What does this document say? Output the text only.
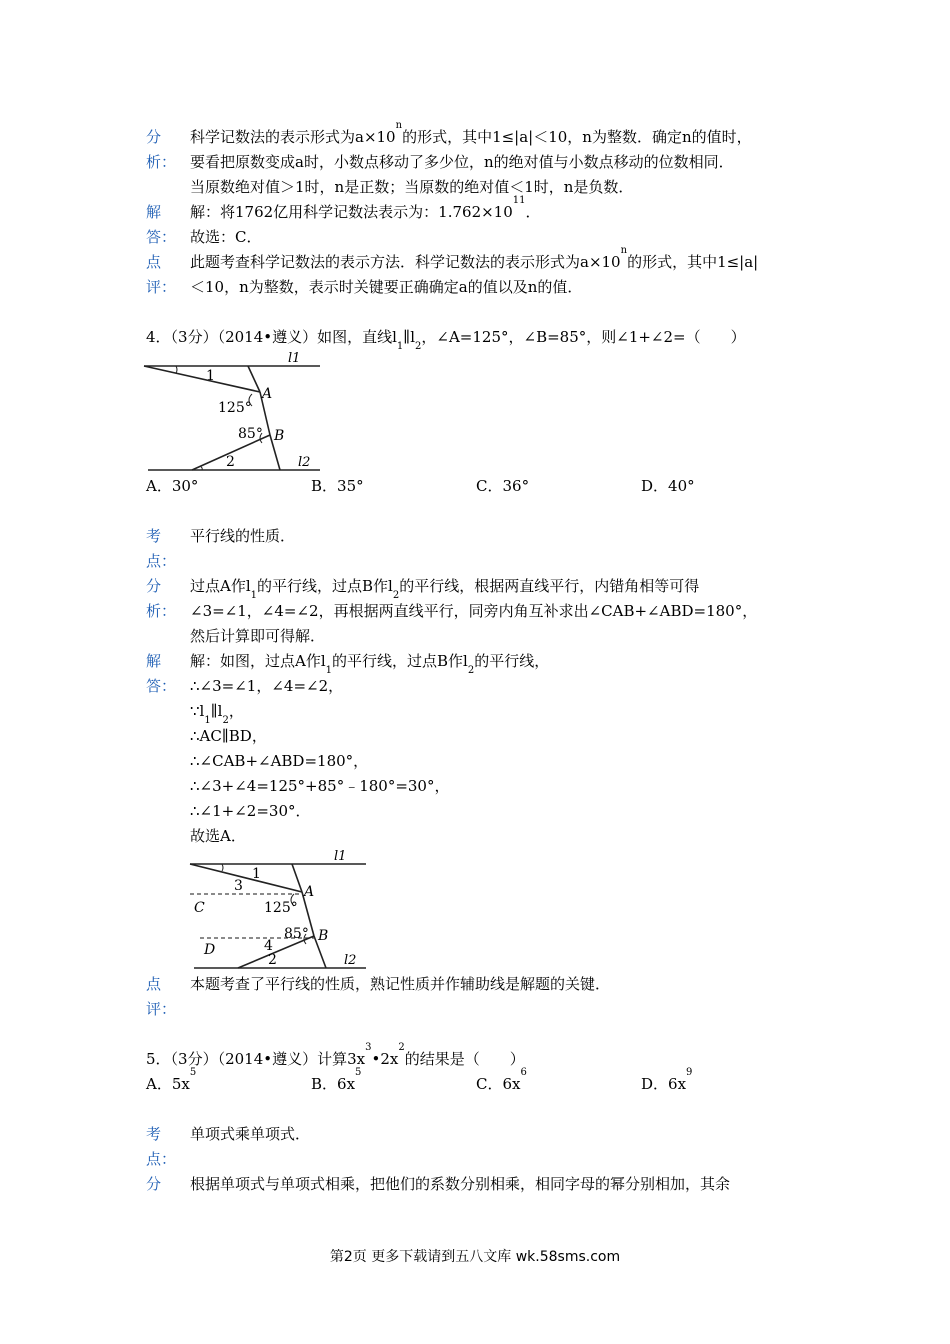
分 科学记数法的表示形式为$a\times 10^n$的形式，其中1≤|a|＜10，n为整数．确定n的值时，
析： 要看把原数变成a时，小数点移动了多少位，n的绝对值与小数点移动的位数相同．
当原数绝对值＞1时，n是正数；当原数的绝对值＜1时，n是负数．
解 解：将1762亿用科学记数法表示为：$1.762\times 10^{11}$．
答： 故选：C．
点 此题考查科学记数法的表示方法．科学记数法的表示形式为$a\times 10^n$的形式，其中1≤|a|
评： ＜10，n为整数，表示时关键要正确确定a的值以及n的值．
4．（3分）（2014•遵义）如图，直线$l_1\parallel l_2$，∠A=125°，∠B=85°，则∠1+∠2=（　　）
l1
l2
1
2
A
B
125°
85°
A．30°	B．35°	C．36°	D．40°
考 平行线的性质．
点：
分 过点A作$l_1$的平行线，过点B作$l_2$的平行线，根据两直线平行，内错角相等可得
析： ∠3=∠1，∠4=∠2，再根据两直线平行，同旁内角互补求出∠CAB+∠ABD=180°，
然后计算即可得解．
解 解：如图，过点A作$l_1$的平行线，过点B作$l_2$的平行线，
答： ∴∠3=∠1，∠4=∠2，
$\because l_1\parallel l_2$，
∴AC∥BD，
∴∠CAB+∠ABD=180°，
∴∠3+∠4=125°+85°﹣180°=30°，
∴∠1+∠2=30°．
故选A．
l1
l2
1
3
2
4
A
B
C
D
125°
85°
点 本题考查了平行线的性质，熟记性质并作辅助线是解题的关键．
评：
5．（3分）（2014•遵义）计算$3x^3•2x^2$的结果是（　　）
A．$5x^5$
B．$6x^5$
C．$6x^6$
D．$6x^9$
考 单项式乘单项式．
点：
分 根据单项式与单项式相乘，把他们的系数分别相乘，相同字母的幂分别相加，其余
第2页 更多下载请到五八文库 wk.58sms.com
